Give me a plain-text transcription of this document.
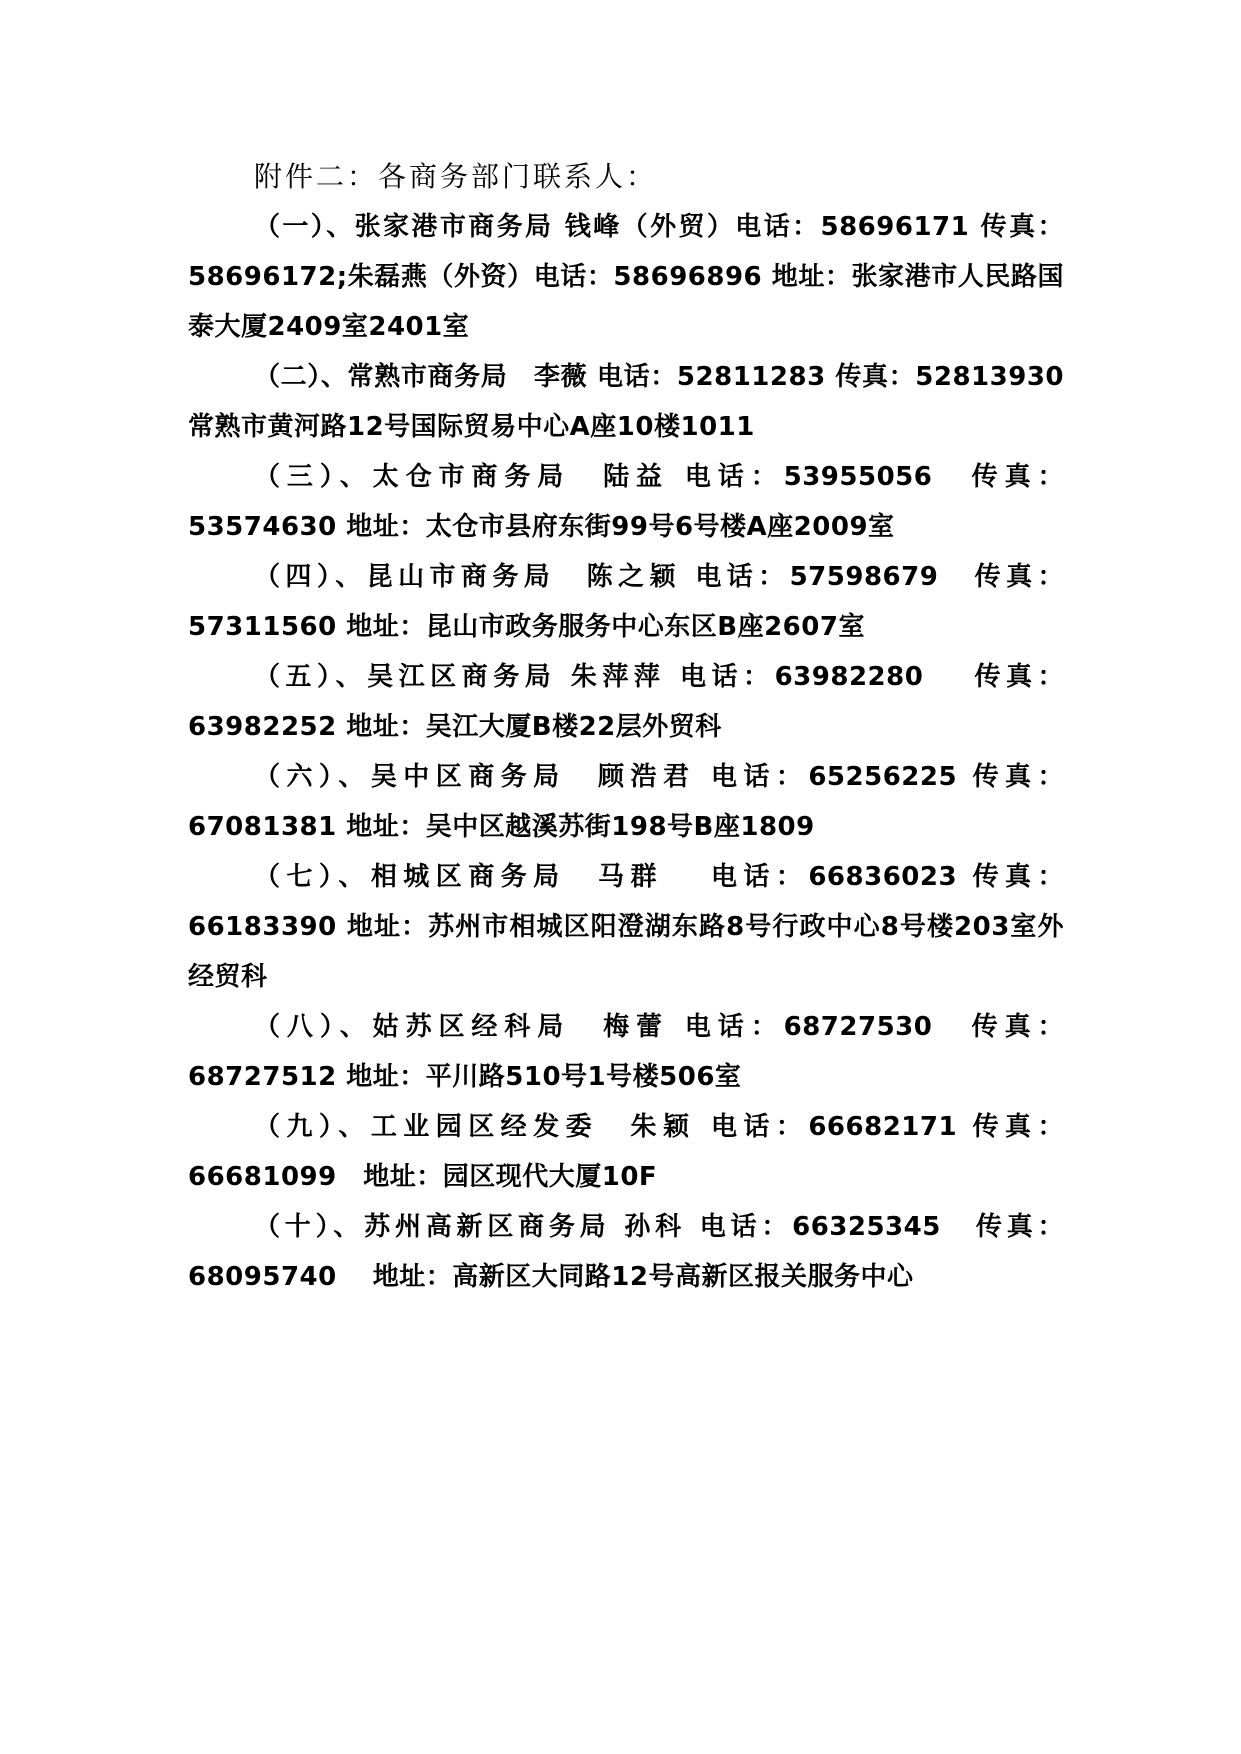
附件二：各商务部门联系人：

（一）、张家港市商务局 钱峰（外贸）电话：58696171 传真：58696172;朱磊燕（外资）电话：58696896 地址：张家港市人民路国泰大厦2409室2401室

（二）、常熟市商务局　李薇 电话：52811283 传真：52813930 常熟市黄河路12号国际贸易中心A座10楼1011

（三）、太仓市商务局　陆益 电话：53955056　传真：53574630 地址：太仓市县府东街99号6号楼A座2009室

（四）、昆山市商务局　陈之颖 电话：57598679　传真：57311560 地址：昆山市政务服务中心东区B座2607室

（五）、吴江区商务局 朱萍萍 电话：63982280　 传真：63982252 地址：吴江大厦B楼22层外贸科

（六）、吴中区商务局　顾浩君 电话：65256225 传真：67081381 地址：吴中区越溪苏街198号B座1809

（七）、相城区商务局　马群　 电话：66836023 传真：66183390 地址：苏州市相城区阳澄湖东路8号行政中心8号楼203室外经贸科

（八）、姑苏区经科局　梅蕾 电话：68727530　传真：68727512 地址：平川路510号1号楼506室

（九）、工业园区经发委　朱颖 电话：66682171 传真：66681099　地址：园区现代大厦10F

（十）、苏州高新区商务局 孙科 电话：66325345　传真：68095740　 地址：高新区大同路12号高新区报关服务中心
